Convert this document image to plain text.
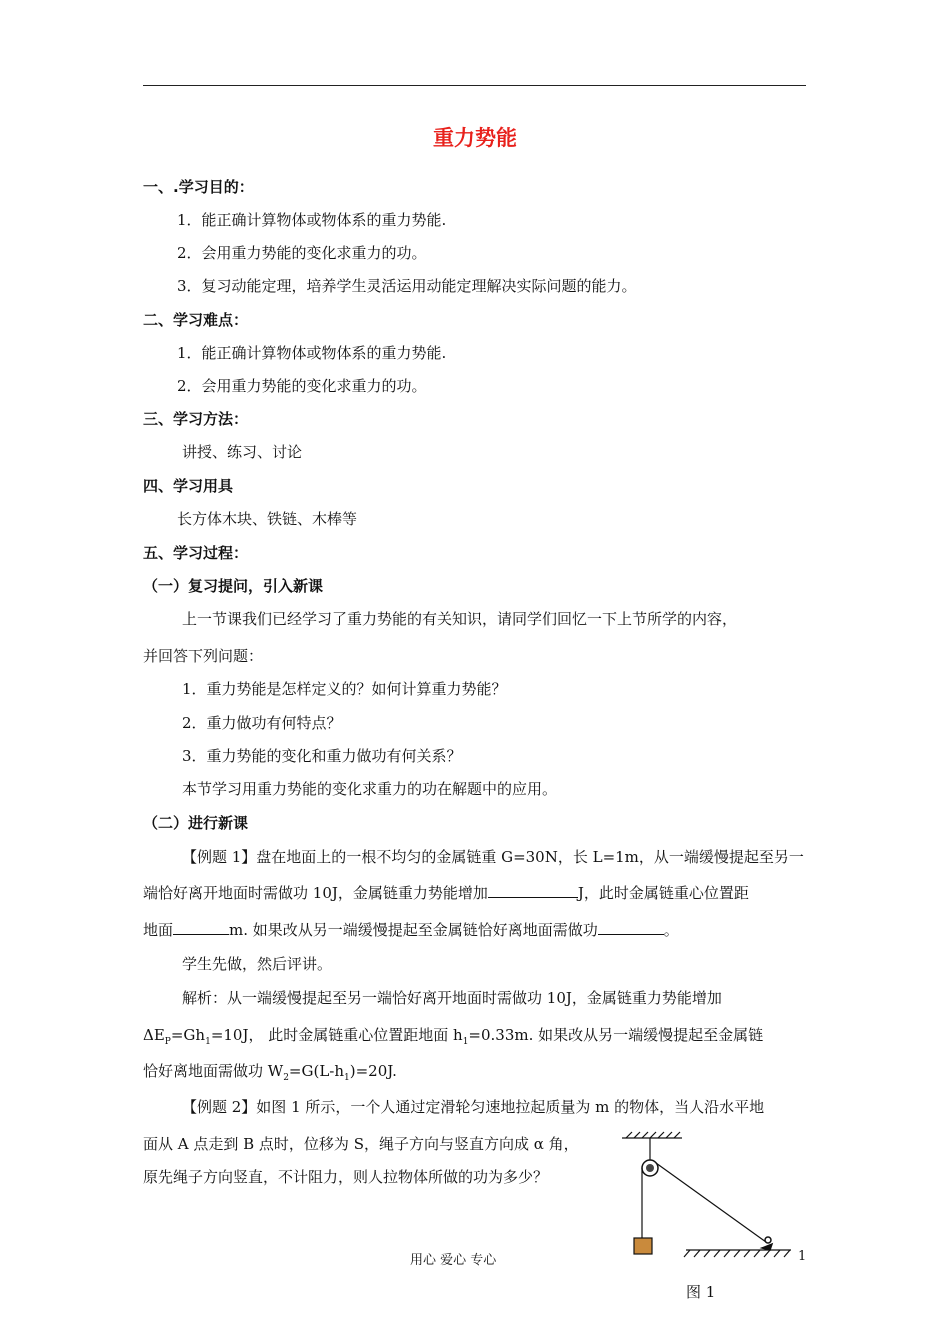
重力势能
一、.学习目的：
1．能正确计算物体或物体系的重力势能.
2．会用重力势能的变化求重力的功。
3．复习动能定理，培养学生灵活运用动能定理解决实际问题的能力。
二、学习难点：
1．能正确计算物体或物体系的重力势能.
2．会用重力势能的变化求重力的功。
三、学习方法：
讲授、练习、讨论
四、学习用具
长方体木块、铁链、木棒等
五、学习过程：
（一）复习提问，引入新课
上一节课我们已经学习了重力势能的有关知识，请同学们回忆一下上节所学的内容，
并回答下列问题：
1．重力势能是怎样定义的？如何计算重力势能？
2．重力做功有何特点？
3．重力势能的变化和重力做功有何关系？
本节学习用重力势能的变化求重力的功在解题中的应用。
（二）进行新课
【例题 1】盘在地面上的一根不均匀的金属链重 G=30N，长 L=1m，从一端缓慢提起至另一
端恰好离开地面时需做功 10J，金属链重力势能增加	J，此时金属链重心位置距
地面	m. 如果改从另一端缓慢提起至金属链恰好离地面需做功	。
学生先做，然后评讲。
解析：从一端缓慢提起至另一端恰好离开地面时需做功 10J，金属链重力势能增加
$\Delta E_P=Gh_1=10J$， 此时金属链重心位置距地面 $h_1=0.33m$. 如果改从另一端缓慢提起至金属链
恰好离地面需做功 $W_2=G(L-h_1)=20J$.
【例题 2】如图 1 所示，一个人通过定滑轮匀速地拉起质量为 m 的物体，当人沿水平地
面从 A 点走到 B 点时，位移为 S，绳子方向与竖直方向成 α 角，
原先绳子方向竖直，不计阻力，则人拉物体所做的功为多少？
图 1
用心 爱心 专心	1
